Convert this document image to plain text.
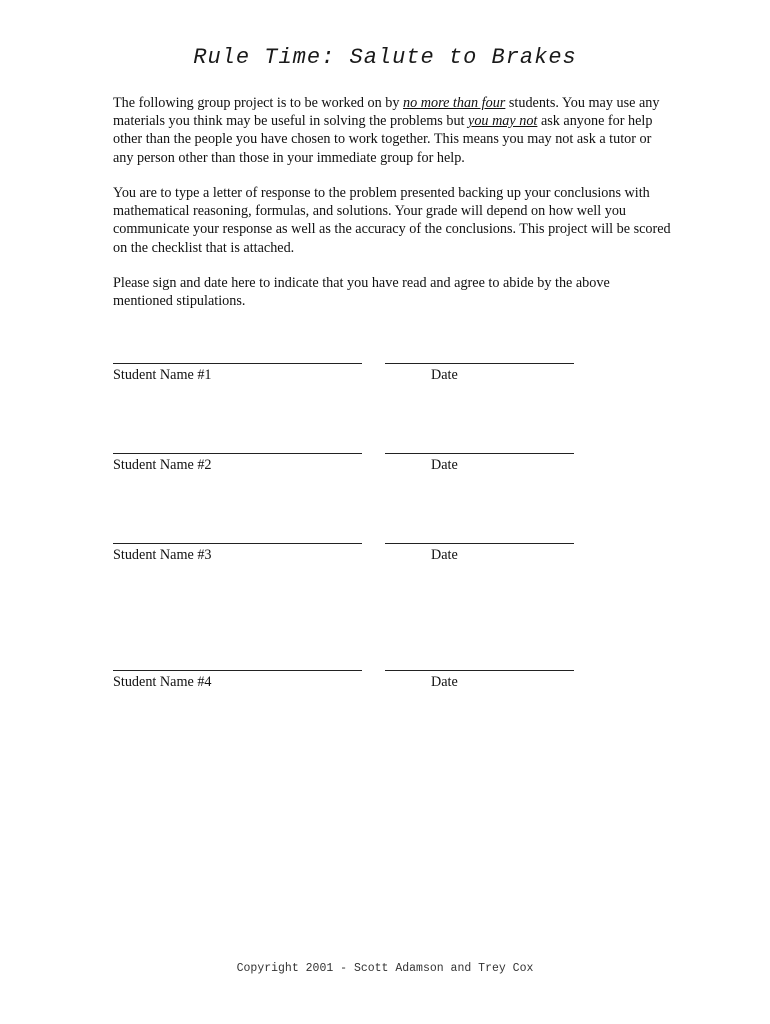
Rule Time: Salute to Brakes

The following group project is to be worked on by no more than four students. You may use any materials you think may be useful in solving the problems but you may not ask anyone for help other than the people you have chosen to work together. This means you may not ask a tutor or any person other than those in your immediate group for help.

You are to type a letter of response to the problem presented backing up your conclusions with mathematical reasoning, formulas, and solutions. Your grade will depend on how well you communicate your response as well as the accuracy of the conclusions. This project will be scored on the checklist that is attached.

Please sign and date here to indicate that you have read and agree to abide by the above mentioned stipulations.

Student Name #1	Date
Student Name #2	Date
Student Name #3	Date
Student Name #4	Date
Copyright 2001 - Scott Adamson and Trey Cox
